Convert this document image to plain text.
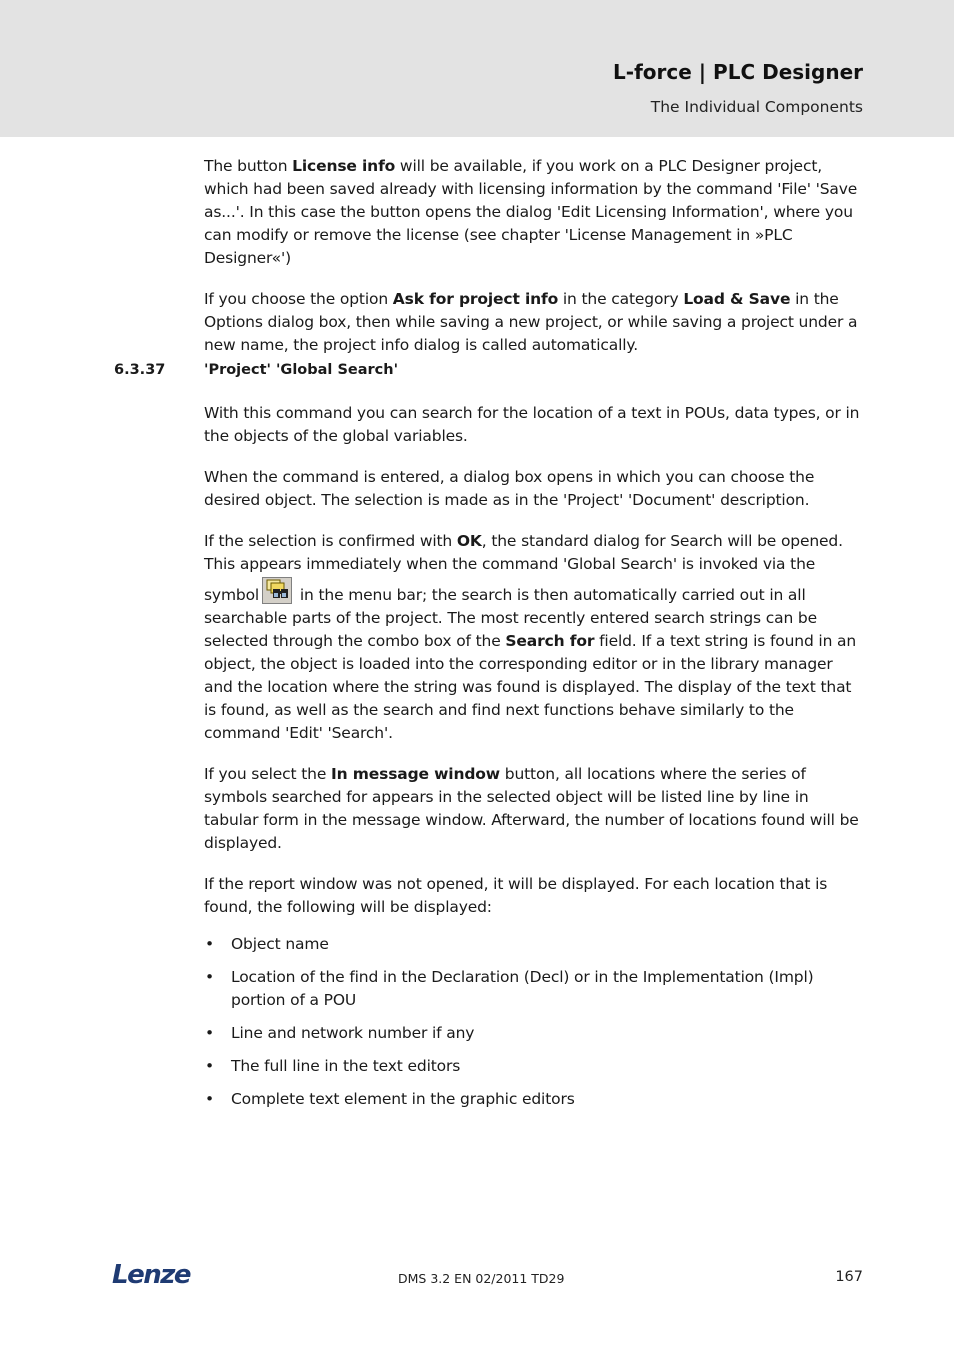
L-force | PLC Designer
The Individual Components

The button License info will be available, if you work on a PLC Designer project, which had been saved already with licensing information by the command 'File' 'Save as...'. In this case the button opens the dialog 'Edit Licensing Information', where you can modify or remove the license (see chapter 'License Management in »PLC Designer«')

If you choose the option Ask for project info in the category Load & Save in the Options dialog box, then while saving a new project, or while saving a project under a new name, the project info dialog is called automatically.

6.3.37	'Project' 'Global Search'

With this command you can search for the location of a text in POUs, data types, or in the objects of the global variables.

When the command is entered, a dialog box opens in which you can choose the desired object. The selection is made as in the 'Project' 'Document' description.

If the selection is confirmed with OK, the standard dialog for Search will be opened. This appears immediately when the command 'Global Search' is invoked via the symbol in the menu bar; the search is then automatically carried out in all searchable parts of the project. The most recently entered search strings can be selected through the combo box of the Search for field. If a text string is found in an object, the object is loaded into the corresponding editor or in the library manager and the location where the string was found is displayed. The display of the text that is found, as well as the search and find next functions behave similarly to the command 'Edit' 'Search'.

If you select the In message window button, all locations where the series of symbols searched for appears in the selected object will be listed line by line in tabular form in the message window. Afterward, the number of locations found will be displayed.

If the report window was not opened, it will be displayed. For each location that is found, the following will be displayed:

• Object name
• Location of the find in the Declaration (Decl) or in the Implementation (Impl) portion of a POU
• Line and network number if any
• The full line in the text editors
• Complete text element in the graphic editors
Lenze	DMS 3.2 EN 02/2011 TD29	167
